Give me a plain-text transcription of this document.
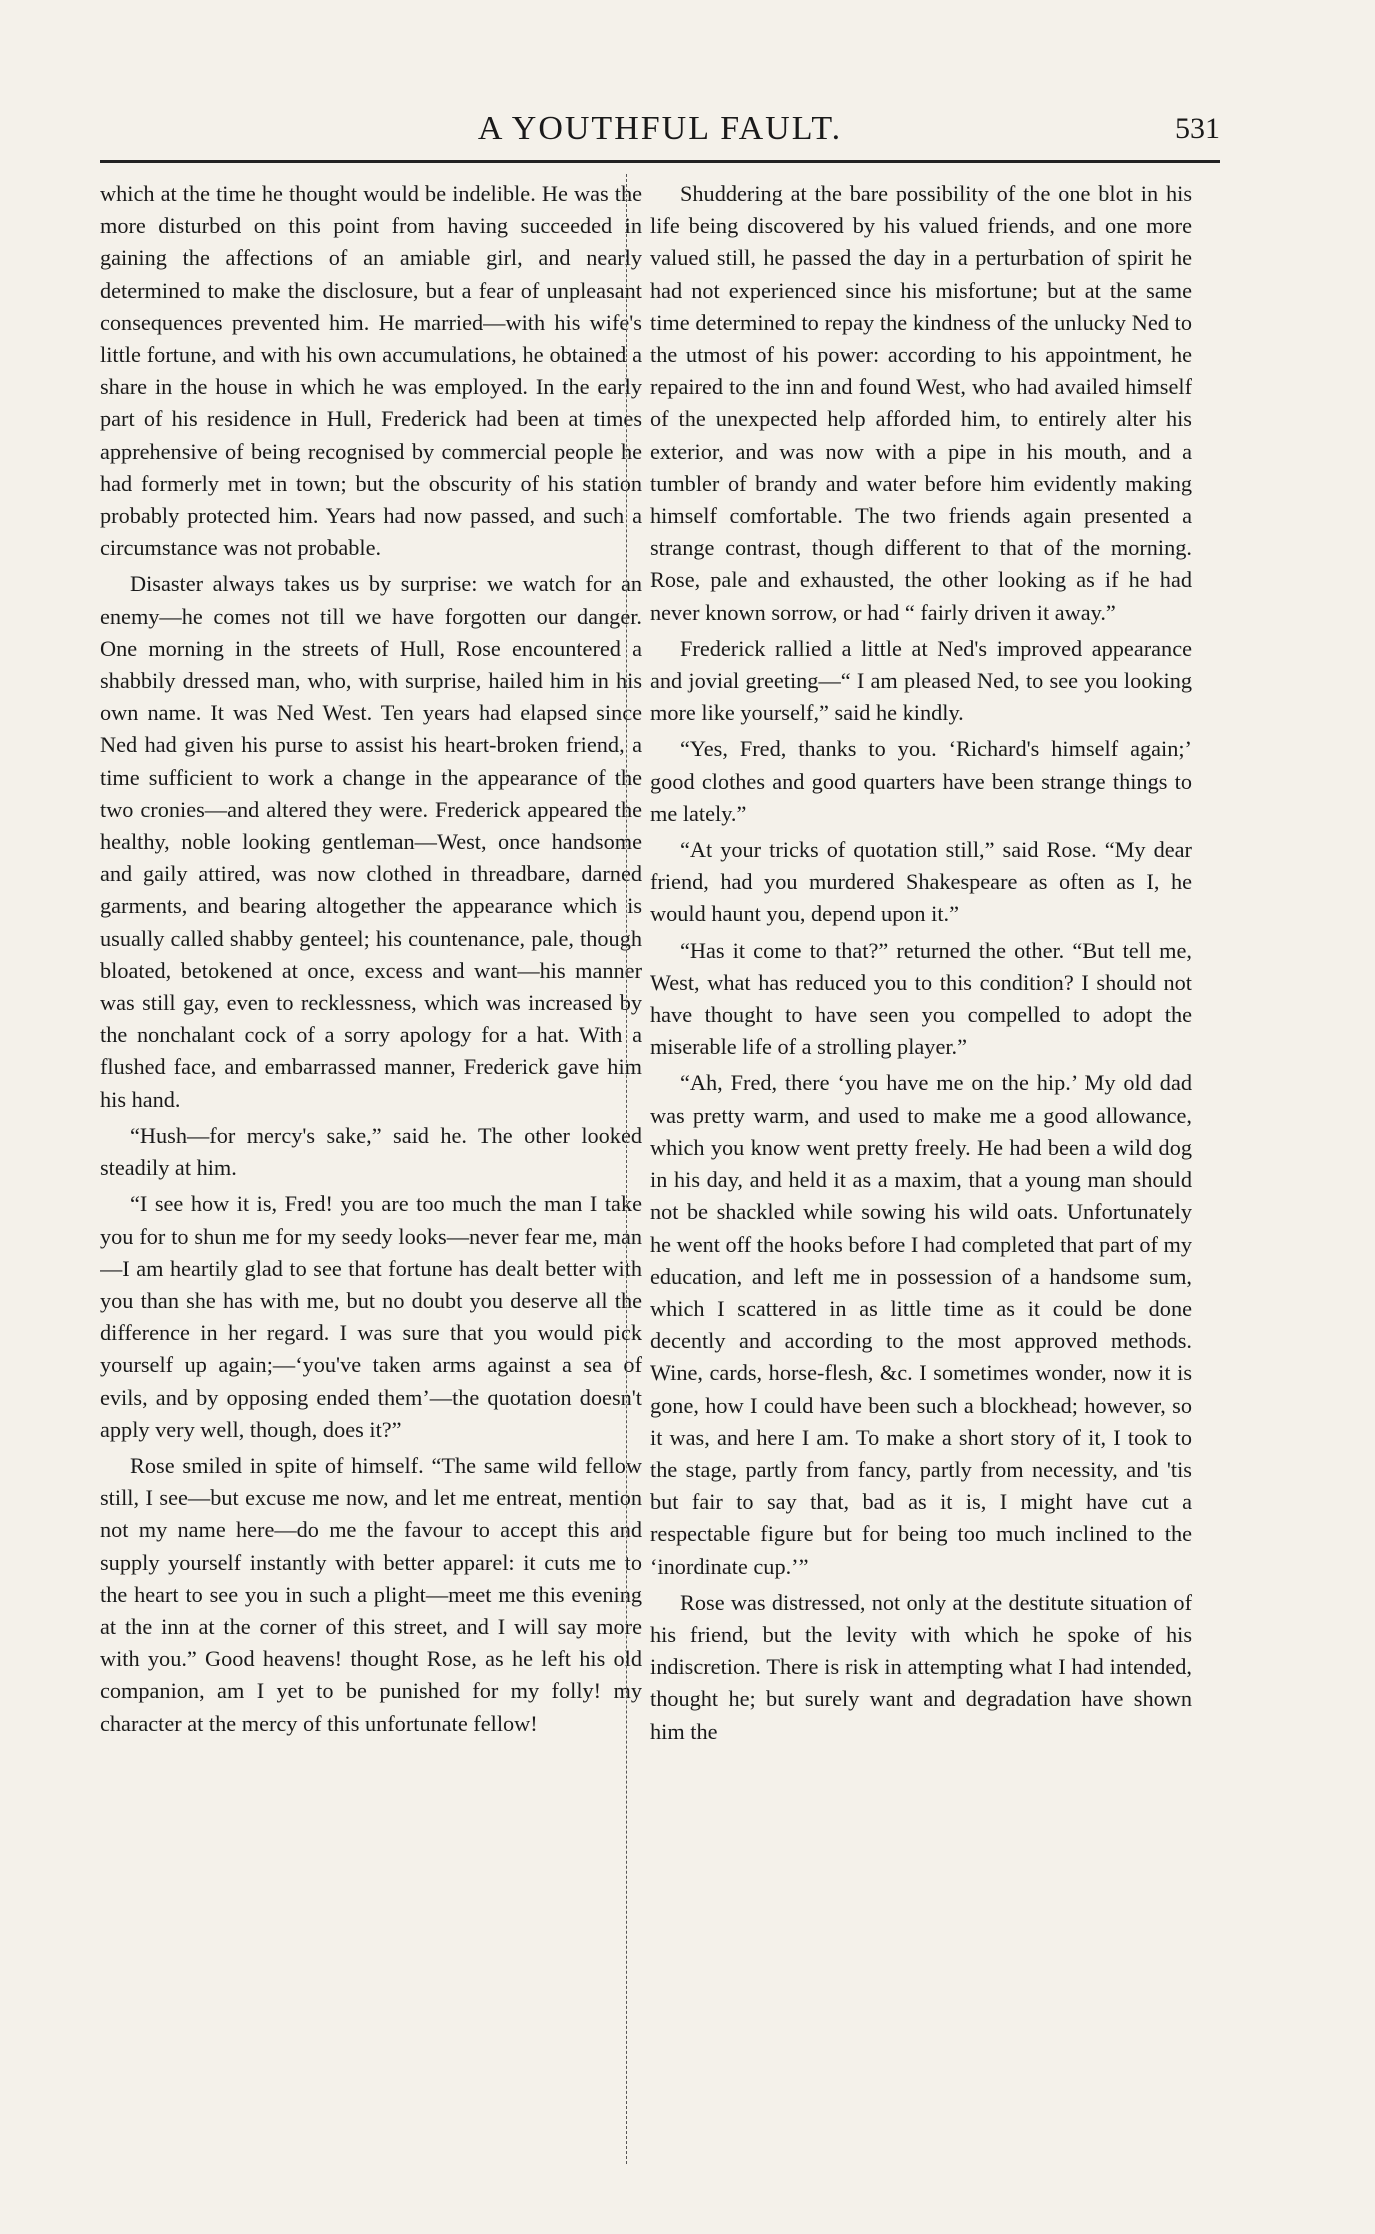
A YOUTHFUL FAULT.	531

which at the time he thought would be indelible. He was the more disturbed on this point from having succeeded in gaining the affections of an amiable girl, and nearly determined to make the disclosure, but a fear of unpleasant consequences prevented him. He married—with his wife's little fortune, and with his own accumulations, he obtained a share in the house in which he was employed. In the early part of his residence in Hull, Frederick had been at times apprehensive of being recognised by commercial people he had formerly met in town; but the obscurity of his station probably protected him. Years had now passed, and such a circumstance was not probable.

Disaster always takes us by surprise: we watch for an enemy—he comes not till we have forgotten our danger. One morning in the streets of Hull, Rose encountered a shabbily dressed man, who, with surprise, hailed him in his own name. It was Ned West. Ten years had elapsed since Ned had given his purse to assist his heart-broken friend, a time sufficient to work a change in the appearance of the two cronies—and altered they were. Frederick appeared the healthy, noble looking gentleman—West, once handsome and gaily attired, was now clothed in threadbare, darned garments, and bearing altogether the appearance which is usually called shabby genteel; his countenance, pale, though bloated, betokened at once, excess and want—his manner was still gay, even to recklessness, which was increased by the nonchalant cock of a sorry apology for a hat. With a flushed face, and embarrassed manner, Frederick gave him his hand.

“Hush—for mercy's sake,” said he. The other looked steadily at him.

“I see how it is, Fred! you are too much the man I take you for to shun me for my seedy looks—never fear me, man—I am heartily glad to see that fortune has dealt better with you than she has with me, but no doubt you deserve all the difference in her regard. I was sure that you would pick yourself up again;—‘you've taken arms against a sea of evils, and by opposing ended them’—the quotation doesn't apply very well, though, does it?”

Rose smiled in spite of himself. “The same wild fellow still, I see—but excuse me now, and let me entreat, mention not my name here—do me the favour to accept this and supply yourself instantly with better apparel: it cuts me to the heart to see you in such a plight—meet me this evening at the inn at the corner of this street, and I will say more with you.” Good heavens! thought Rose, as he left his old companion, am I yet to be punished for my folly! my character at the mercy of this unfortunate fellow!

Shuddering at the bare possibility of the one blot in his life being discovered by his valued friends, and one more valued still, he passed the day in a perturbation of spirit he had not experienced since his misfortune; but at the same time determined to repay the kindness of the unlucky Ned to the utmost of his power: according to his appointment, he repaired to the inn and found West, who had availed himself of the unexpected help afforded him, to entirely alter his exterior, and was now with a pipe in his mouth, and a tumbler of brandy and water before him evidently making himself comfortable. The two friends again presented a strange contrast, though different to that of the morning. Rose, pale and exhausted, the other looking as if he had never known sorrow, or had “ fairly driven it away.”

Frederick rallied a little at Ned's improved appearance and jovial greeting—“ I am pleased Ned, to see you looking more like yourself,” said he kindly.

“Yes, Fred, thanks to you. ‘Richard's himself again;’ good clothes and good quarters have been strange things to me lately.”

“At your tricks of quotation still,” said Rose. “My dear friend, had you murdered Shakespeare as often as I, he would haunt you, depend upon it.”

“Has it come to that?” returned the other. “But tell me, West, what has reduced you to this condition? I should not have thought to have seen you compelled to adopt the miserable life of a strolling player.”

“Ah, Fred, there ‘you have me on the hip.’ My old dad was pretty warm, and used to make me a good allowance, which you know went pretty freely. He had been a wild dog in his day, and held it as a maxim, that a young man should not be shackled while sowing his wild oats. Unfortunately he went off the hooks before I had completed that part of my education, and left me in possession of a handsome sum, which I scattered in as little time as it could be done decently and according to the most approved methods. Wine, cards, horse-flesh, &c. I sometimes wonder, now it is gone, how I could have been such a blockhead; however, so it was, and here I am. To make a short story of it, I took to the stage, partly from fancy, partly from necessity, and 'tis but fair to say that, bad as it is, I might have cut a respectable figure but for being too much inclined to the ‘inordinate cup.’”

Rose was distressed, not only at the destitute situation of his friend, but the levity with which he spoke of his indiscretion. There is risk in attempting what I had intended, thought he; but surely want and degradation have shown him the
